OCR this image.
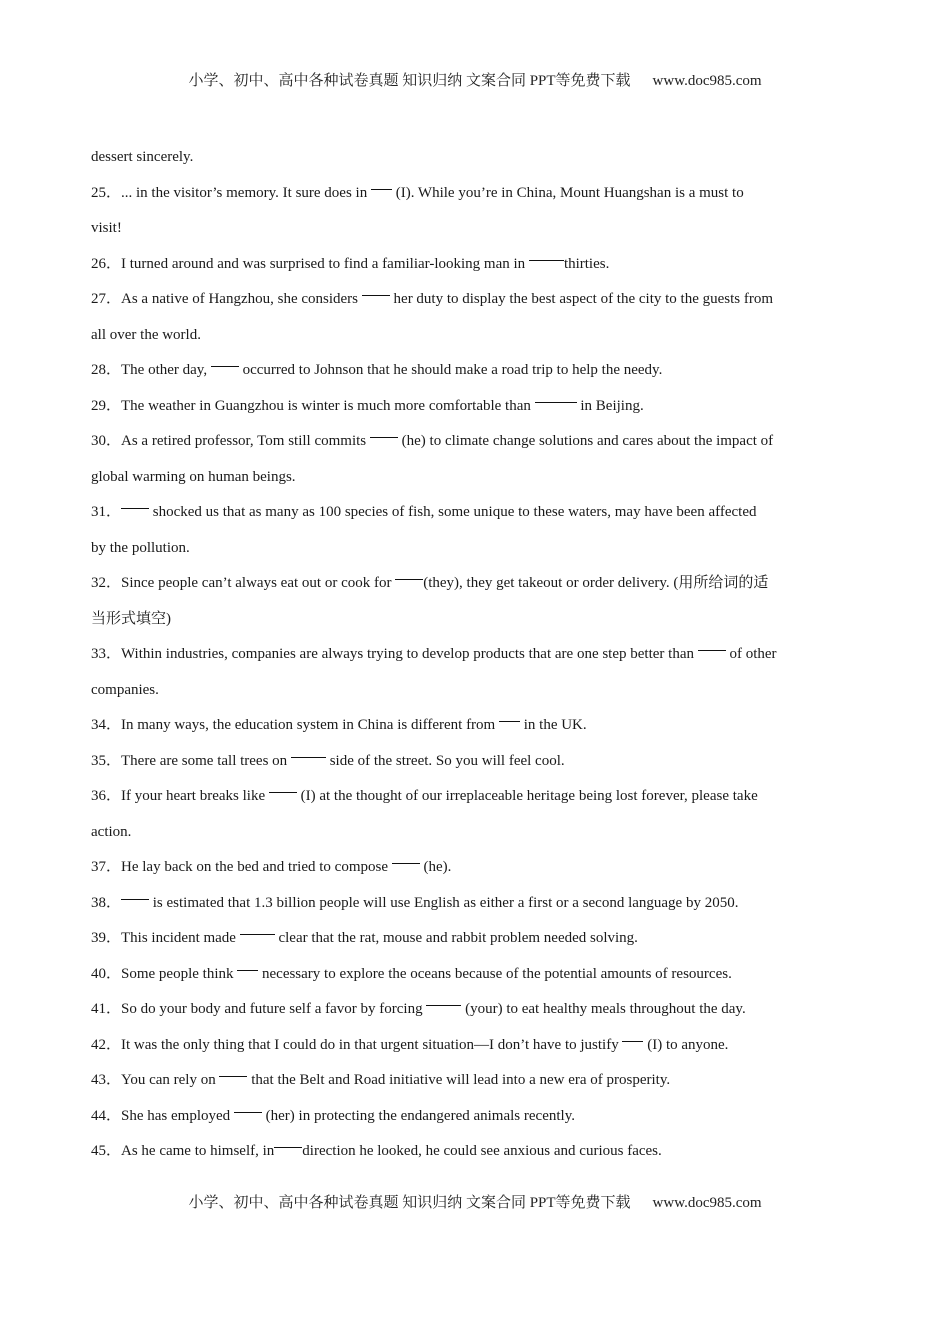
小学、初中、高中各种试卷真题 知识归纳 文案合同 PPT等免费下载 www.doc985.com
dessert sincerely.
25．... in the visitor’s memory. It sure does in  (I). While you’re in China, Mount Huangshan is a must to
visit!
26．I turned around and was surprised to find a familiar-looking man in thirties.
27．As a native of Hangzhou, she considers  her duty to display the best aspect of the city to the guests from
all over the world.
28．The other day,  occurred to Johnson that he should make a road trip to help the needy.
29．The weather in Guangzhou is winter is much more comfortable than	in Beijing.
30．As a retired professor, Tom still commits  (he) to climate change solutions and cares about the impact of
global warming on human beings.
31． shocked us that as many as 100 species of fish, some unique to these waters, may have been affected
by the pollution.
32．Since people can’t always eat out or cook for (they), they get takeout or order delivery. (用所给词的适
当形式填空)
33．Within industries, companies are always trying to develop products that are one step better than  of other
companies.
34．In many ways, the education system in China is different from  in the UK.
35．There are some tall trees on  side of the street. So you will feel cool.
36．If your heart breaks like  (I) at the thought of our irreplaceable heritage being lost forever, please take
action.
37．He lay back on the bed and tried to compose  (he).
38． is estimated that 1.3 billion people will use English as either a first or a second language by 2050.
39．This incident made  clear that the rat, mouse and rabbit problem needed solving.
40．Some people think  necessary to explore the oceans because of the potential amounts of resources.
41．So do your body and future self a favor by forcing  (your) to eat healthy meals throughout the day.
42．It was the only thing that I could do in that urgent situation—I don’t have to justify  (I) to anyone.
43．You can rely on  that the Belt and Road initiative will lead into a new era of prosperity.
44．She has employed  (her) in protecting the endangered animals recently.
45．As he came to himself, in direction he looked, he could see anxious and curious faces.
小学、初中、高中各种试卷真题 知识归纳 文案合同 PPT等免费下载 www.doc985.com
